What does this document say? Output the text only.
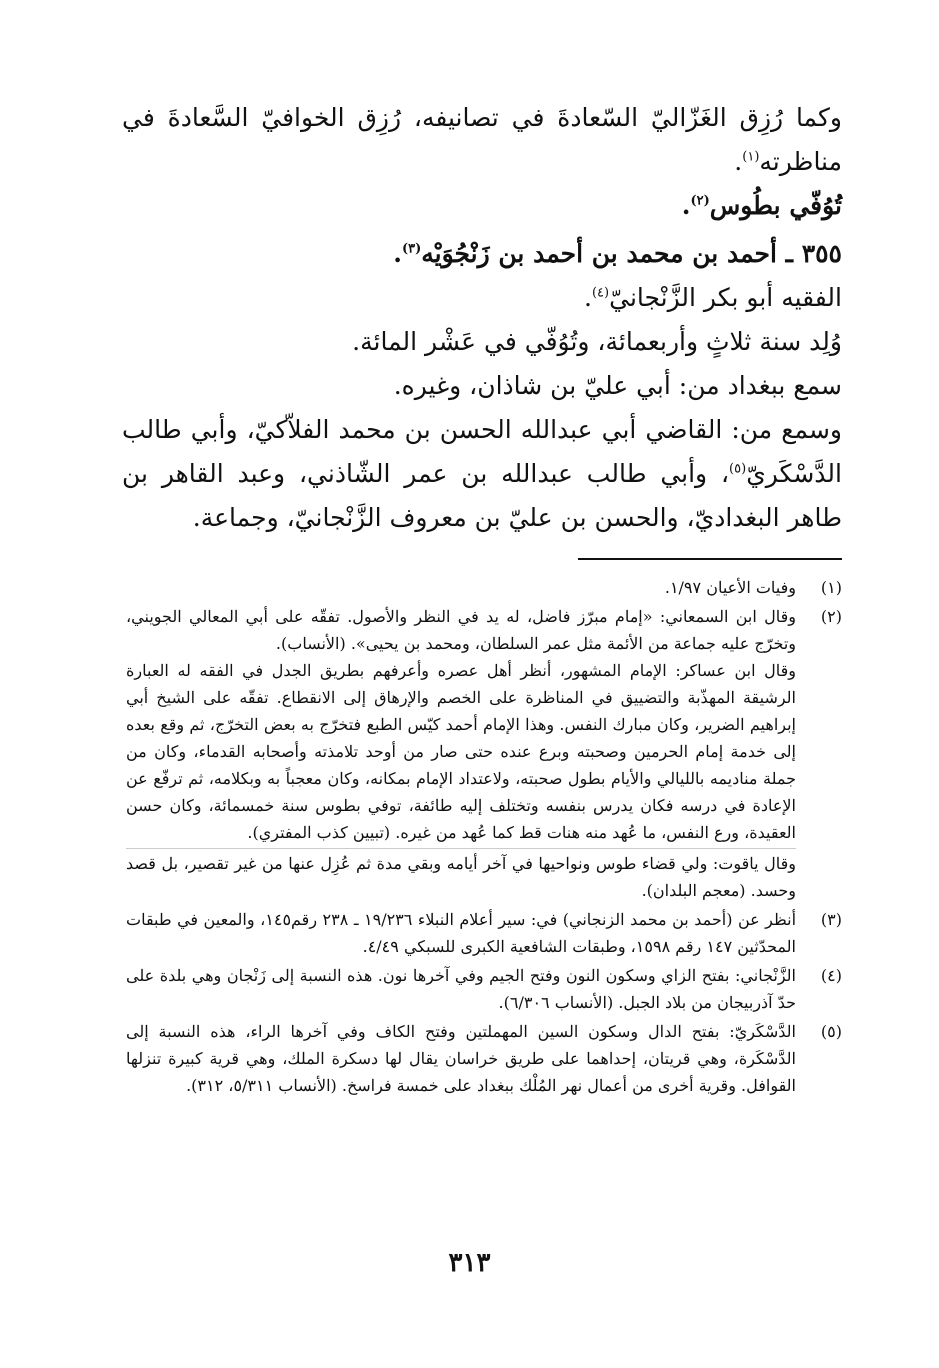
وكما رُزِق الغَزّاليّ السّعادةَ في تصانيفه، رُزِق الخوافيّ السَّعادةَ في مناظرته$^{(١)}$.

تُوُفّي بطُوس$^{(٢)}$.

٣٥٥ ـ أحمد بن محمد بن أحمد بن زَنْجُوَيْه$^{(٣)}$.

الفقيه أبو بكر الزَّنْجانيّ$^{(٤)}$.

وُلِد سنة ثلاثٍ وأربعمائة، وتُوُفّي في عَشْر المائة.

سمع ببغداد من: أبي عليّ بن شاذان، وغيره.

وسمع من: القاضي أبي عبدالله الحسن بن محمد الفلاّكيّ، وأبي طالب الدَّسْكَريّ$^{(٥)}$، وأبي طالب عبدالله بن عمر الشّاذني، وعبد القاهر بن طاهر البغداديّ، والحسن بن عليّ بن معروف الزَّنْجانيّ، وجماعة.

(١)

وفيات الأعيان ١/٩٧.

(٢)

وقال ابن السمعاني: «إمام مبرّز فاضل، له يد في النظر والأصول. تفقّه على أبي المعالي الجويني، وتخرّج عليه جماعة من الأئمة مثل عمر السلطان، ومحمد بن يحيى». (الأنساب).

وقال ابن عساكر: الإمام المشهور، أنظر أهل عصره وأعرفهم بطريق الجدل في الفقه له العبارة الرشيقة المهذّبة والتضييق في المناظرة على الخصم والإرهاق إلى الانقطاع. تفقّه على الشيخ أبي إبراهيم الضرير، وكان مبارك النفس. وهذا الإمام أحمد كيّس الطبع فتخرّج به بعض التخرّج، ثم وقع بعده إلى خدمة إمام الحرمين وصحبته وبرع عنده حتى صار من أوحد تلامذته وأصحابه القدماء، وكان من جملة مناديمه بالليالي والأيام بطول صحبته، ولاعتداد الإمام بمكانه، وكان معجباً به وبكلامه، ثم ترفّع عن الإعادة في درسه فكان يدرس بنفسه وتختلف إليه طائفة، توفي بطوس سنة خمسمائة، وكان حسن العقيدة، ورع النفس، ما عُهد منه هنات قط كما عُهد من غيره. (تبيين كذب المفتري).

وقال ياقوت: ولي قضاء طوس ونواحيها في آخر أيامه وبقي مدة ثم عُزِل عنها من غير تقصير، بل قصد وحسد. (معجم البلدان).

(٣)

أنظر عن (أحمد بن محمد الزنجاني) في: سير أعلام النبلاء ١٩/٢٣٦ ـ ٢٣٨ رقم١٤٥، والمعين في طبقات المحدّثين ١٤٧ رقم ١٥٩٨، وطبقات الشافعية الكبرى للسبكي ٤/٤٩.

(٤)

الزَّنْجاني: بفتح الزاي وسكون النون وفتح الجيم وفي آخرها نون. هذه النسبة إلى زَنْجان وهي بلدة على حدّ آذربيجان من بلاد الجبل. (الأنساب ٦/٣٠٦).

(٥)

الدَّسْكَريّ: بفتح الدال وسكون السين المهملتين وفتح الكاف وفي آخرها الراء، هذه النسبة إلى الدَّسْكَرة، وهي قريتان، إحداهما على طريق خراسان يقال لها دسكرة الملك، وهي قرية كبيرة تنزلها القوافل. وقرية أخرى من أعمال نهر المُلْك ببغداد على خمسة فراسخ. (الأنساب ٥/٣١١، ٣١٢).

٣١٣
